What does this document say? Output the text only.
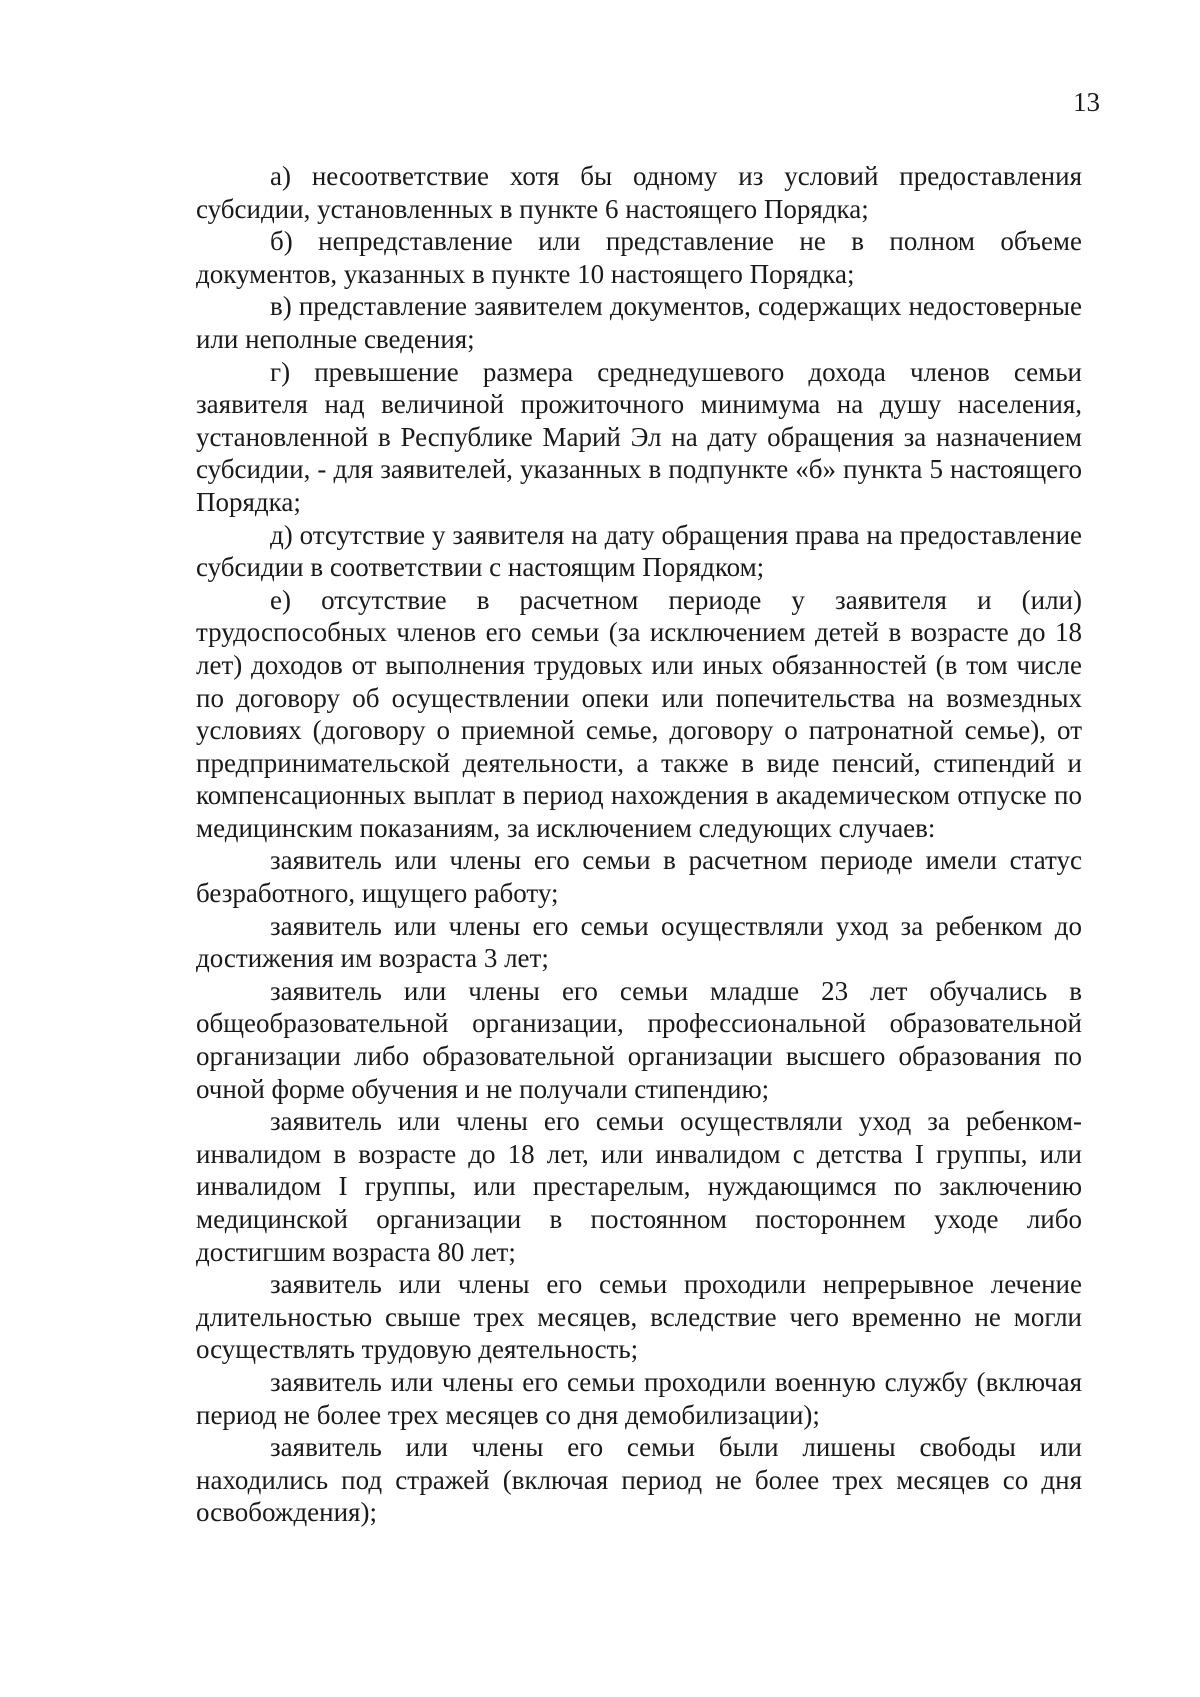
13

а) несоответствие хотя бы одному из условий предоставления субсидии, установленных в пункте 6 настоящего Порядка;

б) непредставление или представление не в полном объеме документов, указанных в пункте 10 настоящего Порядка;

в) представление заявителем документов, содержащих недостоверные или неполные сведения;

г) превышение размера среднедушевого дохода членов семьи заявителя над величиной прожиточного минимума на душу населения, установленной в Республике Марий Эл на дату обращения за назначением субсидии, - для заявителей, указанных в подпункте «б» пункта 5 настоящего Порядка;

д) отсутствие у заявителя на дату обращения права на предоставление субсидии в соответствии с настоящим Порядком;

е) отсутствие в расчетном периоде у заявителя и (или) трудоспособных членов его семьи (за исключением детей в возрасте до 18 лет) доходов от выполнения трудовых или иных обязанностей (в том числе по договору об осуществлении опеки или попечительства на возмездных условиях (договору о приемной семье, договору о патронатной семье), от предпринимательской деятельности, а также в виде пенсий, стипендий и компенсационных выплат в период нахождения в академическом отпуске по медицинским показаниям, за исключением следующих случаев:

заявитель или члены его семьи в расчетном периоде имели статус безработного, ищущего работу;

заявитель или члены его семьи осуществляли уход за ребенком до достижения им возраста 3 лет;

заявитель или члены его семьи младше 23 лет обучались в общеобразовательной организации, профессиональной образовательной организации либо образовательной организации высшего образования по очной форме обучения и не получали стипендию;

заявитель или члены его семьи осуществляли уход за ребенком-инвалидом в возрасте до 18 лет, или инвалидом с детства I группы, или инвалидом I группы, или престарелым, нуждающимся по заключению медицинской организации в постоянном постороннем уходе либо достигшим возраста 80 лет;

заявитель или члены его семьи проходили непрерывное лечение длительностью свыше трех месяцев, вследствие чего временно не могли осуществлять трудовую деятельность;

заявитель или члены его семьи проходили военную службу (включая период не более трех месяцев со дня демобилизации);

заявитель или члены его семьи были лишены свободы или находились под стражей (включая период не более трех месяцев со дня освобождения);
